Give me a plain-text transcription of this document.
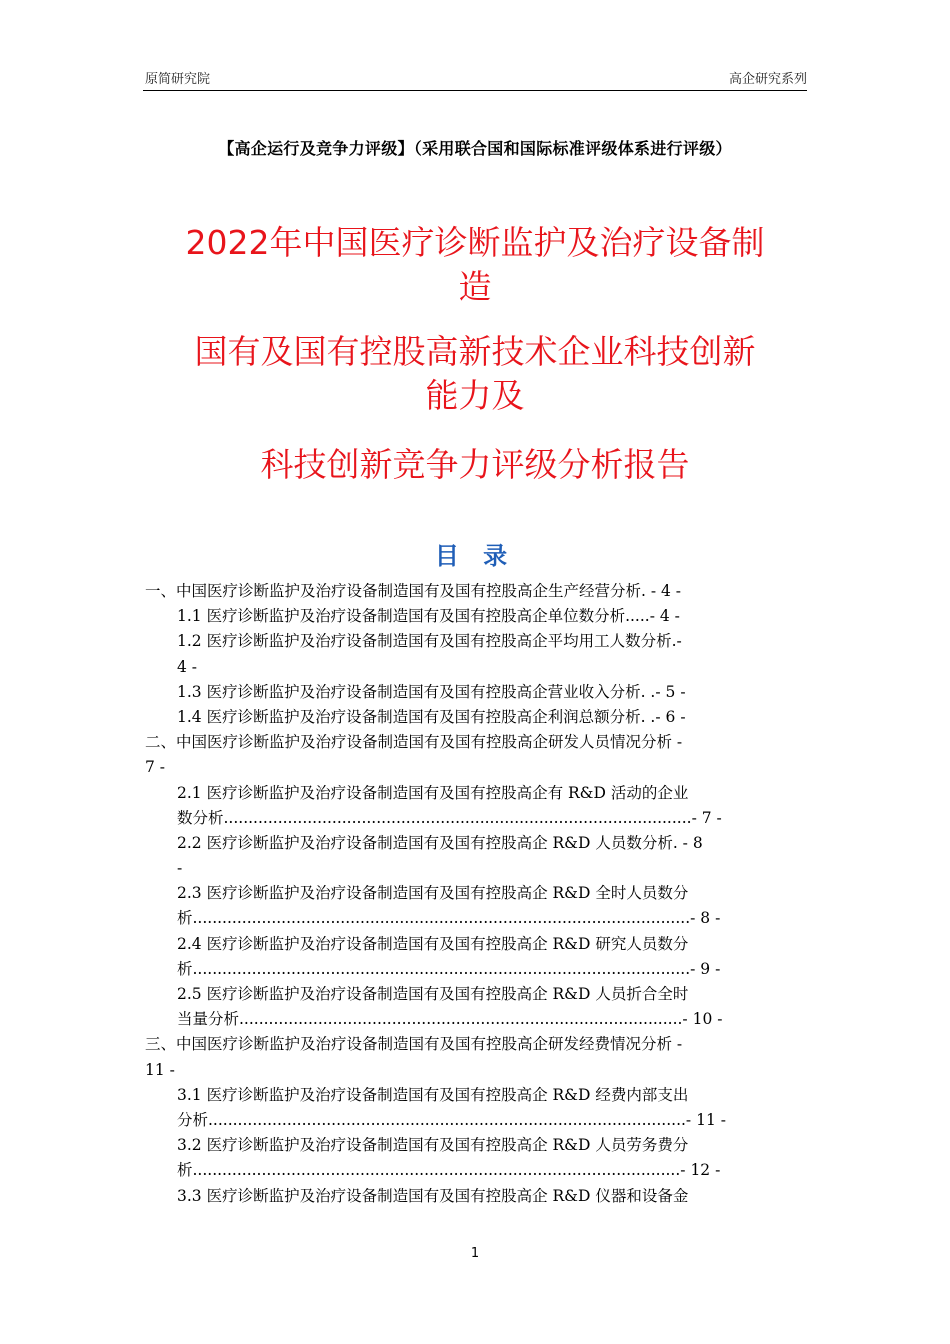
原简研究院	高企研究系列
【高企运行及竞争力评级】（采用联合国和国际标准评级体系进行评级）
2022年中国医疗诊断监护及治疗设备制
造
国有及国有控股高新技术企业科技创新
能力及
科技创新竞争力评级分析报告
目 录
一、中国医疗诊断监护及治疗设备制造国有及国有控股高企生产经营分析. - 4 -
1.1 医疗诊断监护及治疗设备制造国有及国有控股高企单位数分析.....- 4 -
1.2 医疗诊断监护及治疗设备制造国有及国有控股高企平均用工人数分析.-
4 -
1.3 医疗诊断监护及治疗设备制造国有及国有控股高企营业收入分析. .- 5 -
1.4 医疗诊断监护及治疗设备制造国有及国有控股高企利润总额分析. .- 6 -
二、中国医疗诊断监护及治疗设备制造国有及国有控股高企研发人员情况分析 -
7 -
2.1 医疗诊断监护及治疗设备制造国有及国有控股高企有 R&D 活动的企业
数分析...............................................................................................- 7 -
2.2 医疗诊断监护及治疗设备制造国有及国有控股高企 R&D 人员数分析. - 8
-
2.3 医疗诊断监护及治疗设备制造国有及国有控股高企 R&D 全时人员数分
析.....................................................................................................- 8 -
2.4 医疗诊断监护及治疗设备制造国有及国有控股高企 R&D 研究人员数分
析.....................................................................................................- 9 -
2.5 医疗诊断监护及治疗设备制造国有及国有控股高企 R&D 人员折合全时
当量分析..........................................................................................- 10 -
三、中国医疗诊断监护及治疗设备制造国有及国有控股高企研发经费情况分析 -
11 -
3.1 医疗诊断监护及治疗设备制造国有及国有控股高企 R&D 经费内部支出
分析.................................................................................................- 11 -
3.2 医疗诊断监护及治疗设备制造国有及国有控股高企 R&D 人员劳务费分
析...................................................................................................- 12 -
3.3 医疗诊断监护及治疗设备制造国有及国有控股高企 R&D 仪器和设备金
1
